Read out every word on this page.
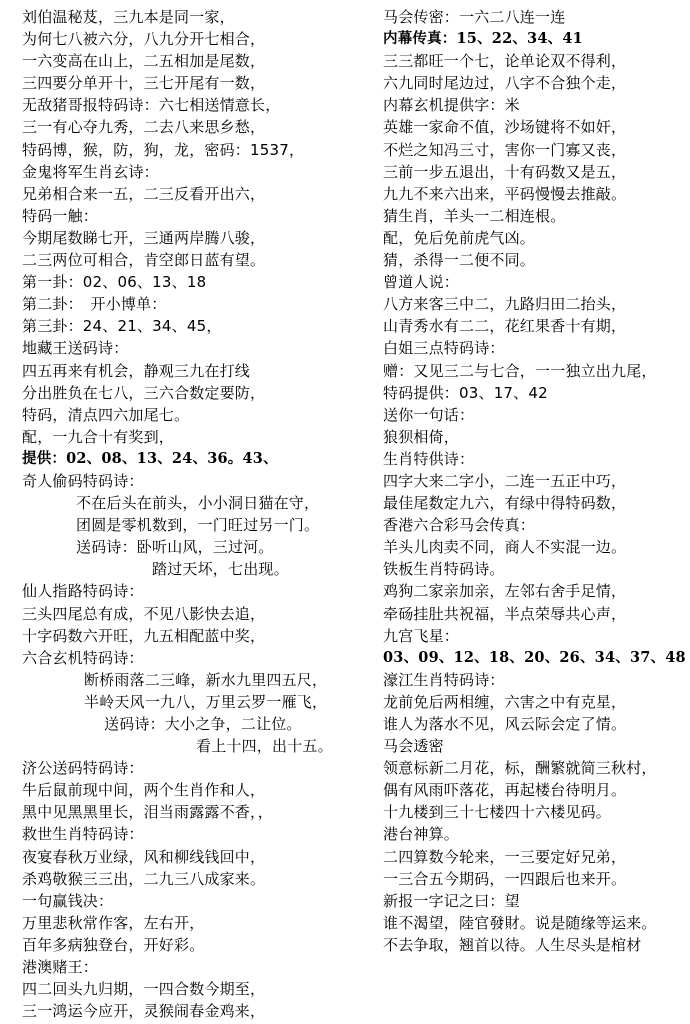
刘伯温秘芨，三九本是同一家，
为何七八被六分，八九分开七相合，
一六变高在山上，二五相加是尾数，
三四要分单开十，三七开尾有一数，
无敌猪哥报特码诗：六七相送情意长，
三一有心夺九秀，二去八来思乡愁，
特码博，猴，防，狗，龙，密码：1537，
金鬼将军生肖玄诗：
兄弟相合来一五，二三反看开出六，
特码一触：
今期尾数睇七开，三通两岸腾八骏，
二三两位可相合，肯空郎日蓝有望。
第一卦：02、06、13、18
第二卦：　开小博单：
第三卦：24、21、34、45，
地藏王送码诗：
四五再来有机会，静观三九在打线
分出胜负在七八，三六合数定要防，
特码，清点四六加尾七。
配，一九合十有奖到，
提供：02、08、13、24、36。43、
奇人偷码特码诗：
不在后头在前头，小小洞日猫在守，
团圆是零机数到，一门旺过另一门。
送码诗：卧听山风，三过河。
踏过天坏，七出现。
仙人指路特码诗：
三头四尾总有成，不见八影快去追，
十字码数六开旺，九五相配蓝中奖，
六合玄机特码诗：
断桥雨落二三峰，新水九里四五尺，
半岭天风一九八，万里云罗一雁飞，
送码诗：大小之争，二让位。
看上十四，出十五。
济公送码特码诗：
牛后鼠前现中间，两个生肖作和人，
黑中见黑黑里长，泪当雨露露不香，，
救世生肖特码诗：
夜宴春秋万业绿，风和柳线钱回中，
杀鸡敬猴三三出，二九三八成家来。
一句赢钱决：
万里悲秋常作客，左右开，
百年多病独登台，开好彩。
港澳赌王：
四二回头九归期，一四合数今期至，
三一鸿运今应开，灵猴闹春金鸡来，
马会传密：一六二八连一连
内幕传真：15、22、34、41
三三都旺一个七，论单论双不得利，
六九同时尾边过，八字不合独个走，
内幕玄机提供字：米
英雄一家命不值，沙场键将不如奸，
不烂之知冯三寸，害你一门寡又丧，
三前一步五退出，十有码数又是五，
九九不来六出来，平码慢慢去推敲。
猜生肖，羊头一二相连根。
配，免后免前虎气凶。
猜，杀得一二便不同。
曾道人说：
八方来客三中二，九路归田二抬头，
山青秀水有二二，花红果香十有期，
白姐三点特码诗：
赠：又见三二与七合，一一独立出九尾，
特码提供：03、17、42
送你一句话：
狼狈相倚，
生肖特供诗：
四字大来二字小，二连一五正中巧，
最佳尾数定九六，有绿中得特码数，
香港六合彩马会传真：
羊头儿肉卖不同，商人不实混一边。
铁板生肖特码诗。
鸡狗二家亲加亲，左邻右舍手足情，
牵砀挂肚共祝福，半点荣辱共心声，
九宫飞星：
03、09、12、18、20、26、34、37、48
濠江生肖特码诗：
龙前免后两相缠，六害之中有克星，
谁人为落水不见，风云际会定了情。
马会透密
领意标新二月花，标，酬繁就简三秋村，
偶有风雨吓落花，再起楼台待明月。
十九楼到三十七楼四十六楼见码。
港台神算。
二四算数今轮来，一三要定好兄弟，
一三合五今期码，一四跟后也来开。
新报一字记之曰：望
谁不渴望，陸官發財。说是随缘等运来。
不去争取，翘首以待。人生尽头是棺材
